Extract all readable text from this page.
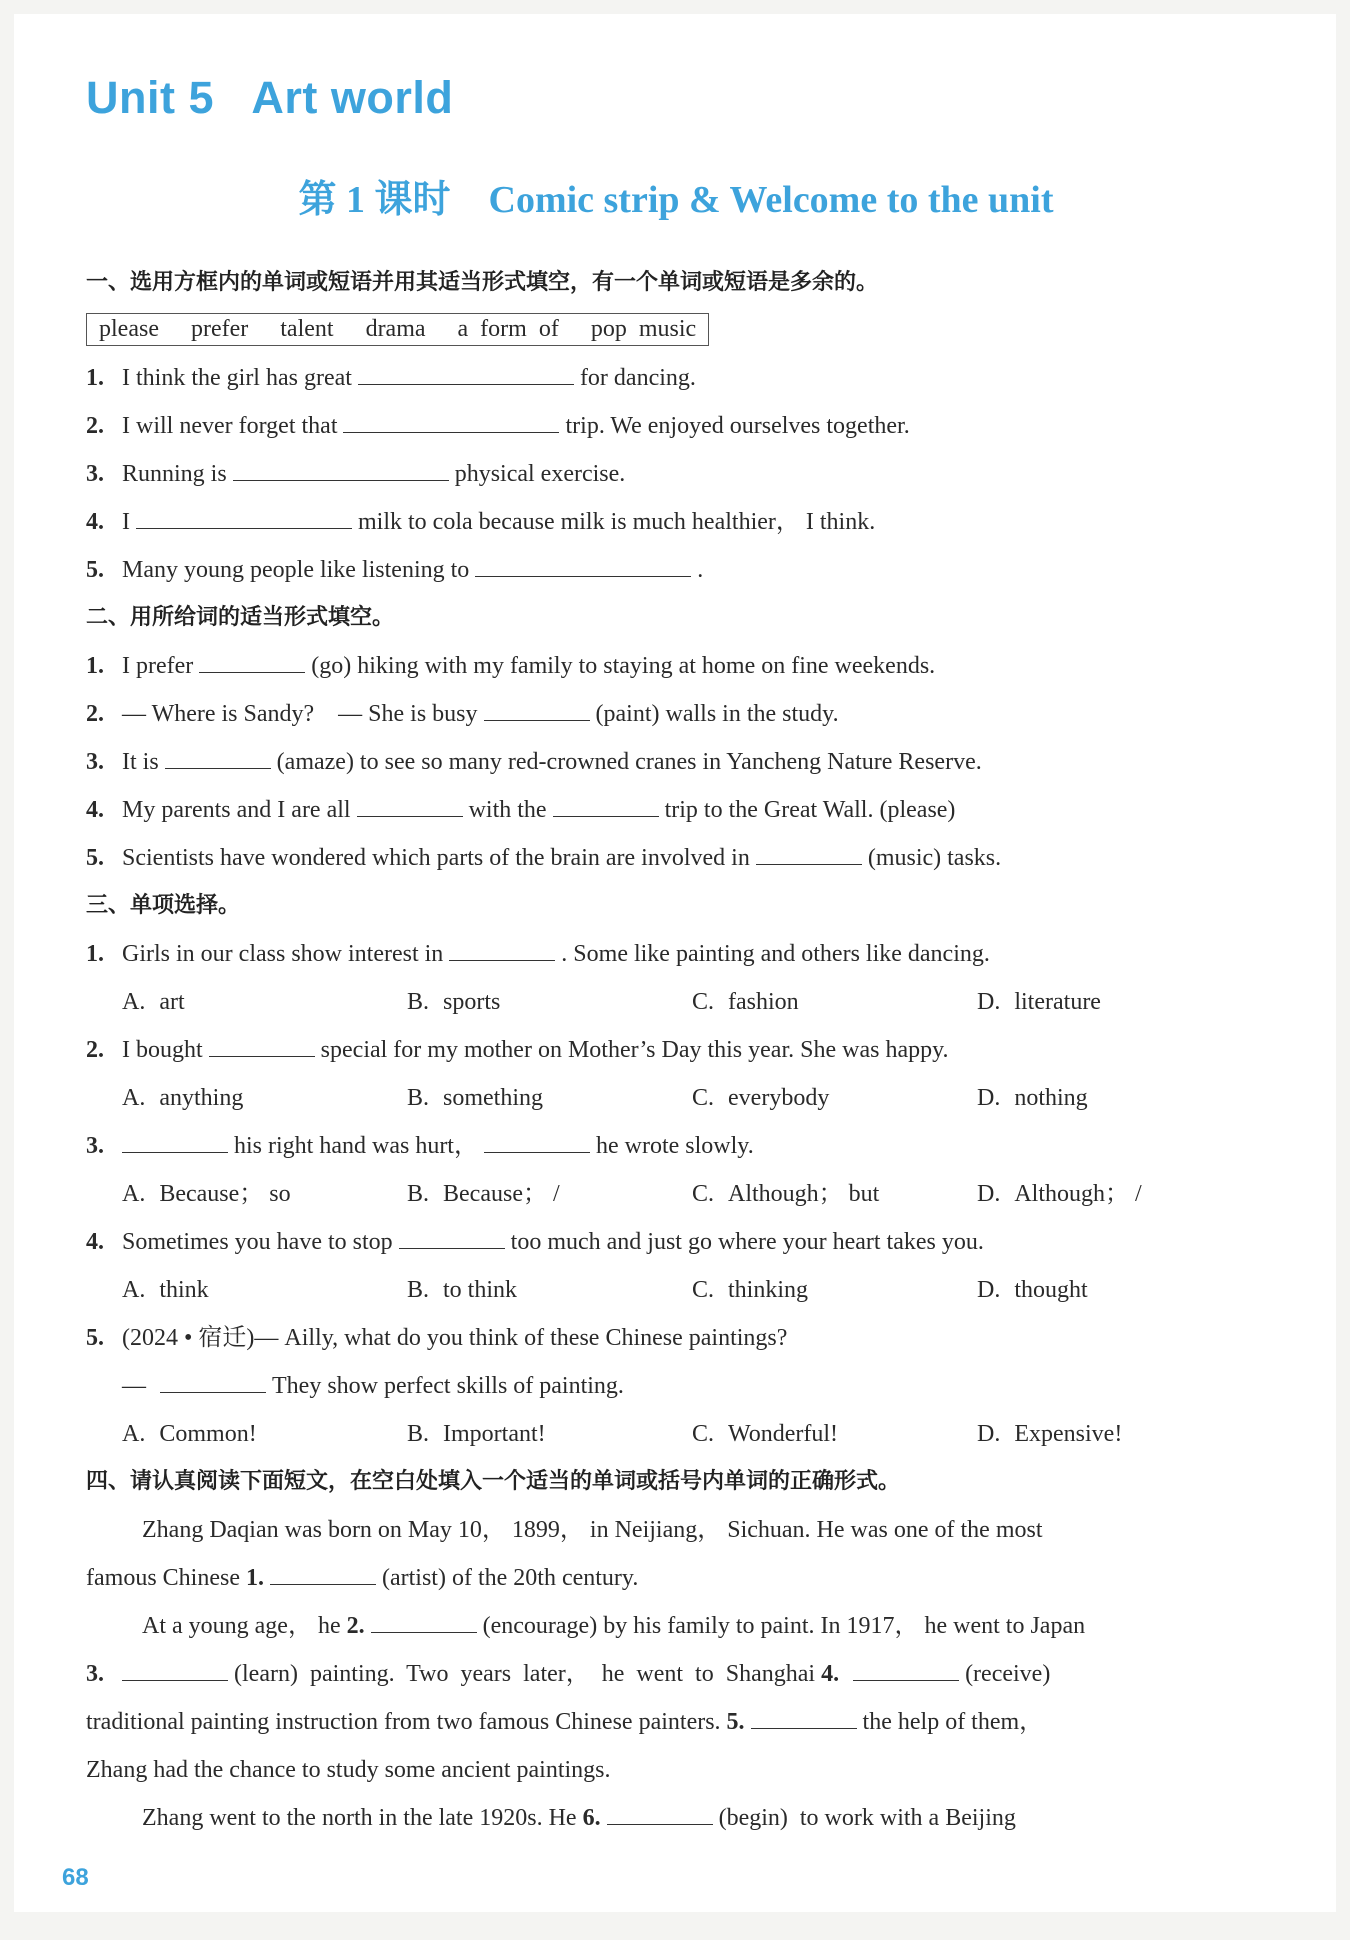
Unit 5   Art world
第 1 课时    Comic strip & Welcome to the unit
一、选用方框内的单词或短语并用其适当形式填空，有一个单词或短语是多余的。
please prefer talent drama a form of pop music
1. I think the girl has great	for dancing.
2. I will never forget that	trip. We enjoyed ourselves together.
3. Running is	physical exercise.
4. I	milk to cola because milk is much healthier， I think.
5. Many young people like listening to	.
二、用所给词的适当形式填空。
1. I prefer	(go) hiking with my family to staying at home on fine weekends.
2. — Where is Sandy?    — She is busy	(paint) walls in the study.
3. It is	(amaze) to see so many red-crowned cranes in Yancheng Nature Reserve.
4. My parents and I are all	with the	trip to the Great Wall. (please)
5. Scientists have wondered which parts of the brain are involved in	(music) tasks.
三、单项选择。
1. Girls in our class show interest in	. Some like painting and others like dancing.
A. art	B. sports	C. fashion	D. literature
2. I bought	special for my mother on Mother’s Day this year. She was happy.
A. anything	B. something	C. everybody	D. nothing
3.	his right hand was hurt，	he wrote slowly.
A. Because； so	B. Because； /	C. Although； but	D. Although； /
4. Sometimes you have to stop	too much and just go where your heart takes you.
A. think	B. to think	C. thinking	D. thought
5. (2024 • 宿迁)— Ailly, what do you think of these Chinese paintings?
—	They show perfect skills of painting.
A. Common!	B. Important!	C. Wonderful!	D. Expensive!
四、请认真阅读下面短文，在空白处填入一个适当的单词或括号内单词的正确形式。
Zhang Daqian was born on May 10， 1899， in Neijiang， Sichuan. He was one of the most
famous Chinese 1.	(artist) of the 20th century.
At a young age， he 2.	(encourage) by his family to paint. In 1917， he went to Japan
3.	(learn)  painting.  Two  years  later，  he  went  to  Shanghai 4.	(receive)
traditional painting instruction from two famous Chinese painters. 5.	the help of them，
Zhang had the chance to study some ancient paintings.
Zhang went to the north in the late 1920s. He 6.	(begin)  to work with a Beijing
68
